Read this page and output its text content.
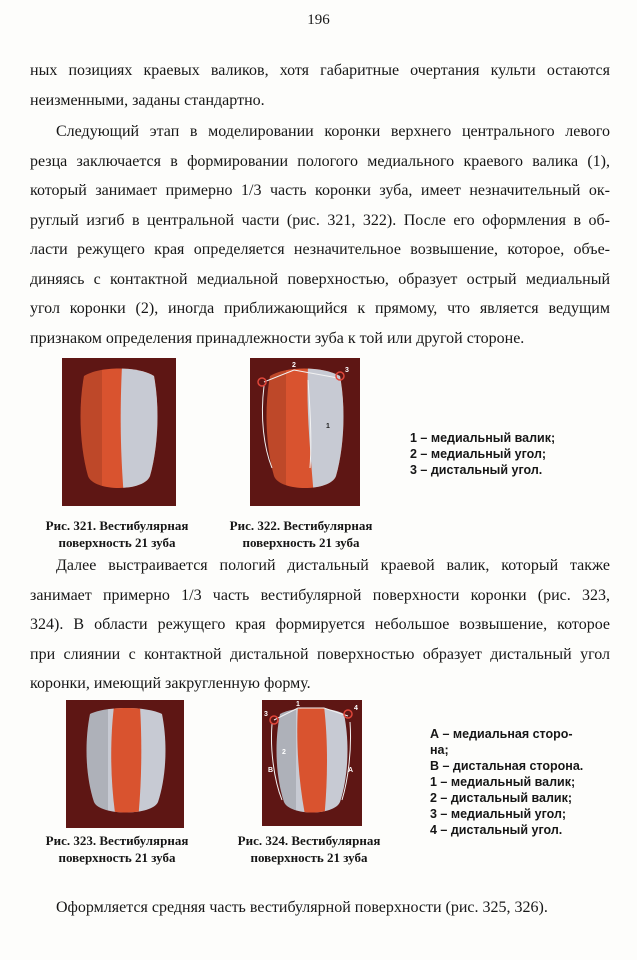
196

ных позициях краевых валиков, хотя габаритные очертания культи остаются
неизменными, заданы стандартно.

Следующий этап в моделировании коронки верхнего центрального левого
резца заключается в формировании пологого медиального краевого валика (1),
который занимает примерно 1/3 часть коронки зуба, имеет незначительный ок-
руглый изгиб в центральной части (рис. 321, 322). После его оформления в об-
ласти режущего края определяется незначительное возвышение, которое, объе-
диняясь с контактной медиальной поверхностью, образует острый медиальный
угол коронки (2), иногда приближающийся к прямому, что является ведущим
признаком определения принадлежности зуба к той или другой стороне.

2
3
1
Рис. 321. Вестибулярная
поверхность 21 зуба
Рис. 322. Вестибулярная
поверхность 21 зуба
1 – медиальный валик;
2 – медиальный угол;
3 – дистальный угол.

Далее выстраивается пологий дистальный краевой валик, который также
занимает примерно 1/3 часть вестибулярной поверхности коронки (рис. 323,
324). В области режущего края формируется небольшое возвышение, которое
при слиянии с контактной дистальной поверхностью образует дистальный угол
коронки, имеющий закругленную форму.

1
3
4
2
B	A
Рис. 323. Вестибулярная
поверхность 21 зуба
Рис. 324. Вестибулярная
поверхность 21 зуба
А – медиальная сторо-
на;
В – дистальная сторона.
1 – медиальный валик;
2 – дистальный валик;
3 – медиальный угол;
4 – дистальный угол.

Оформляется средняя часть вестибулярной поверхности (рис. 325, 326).
